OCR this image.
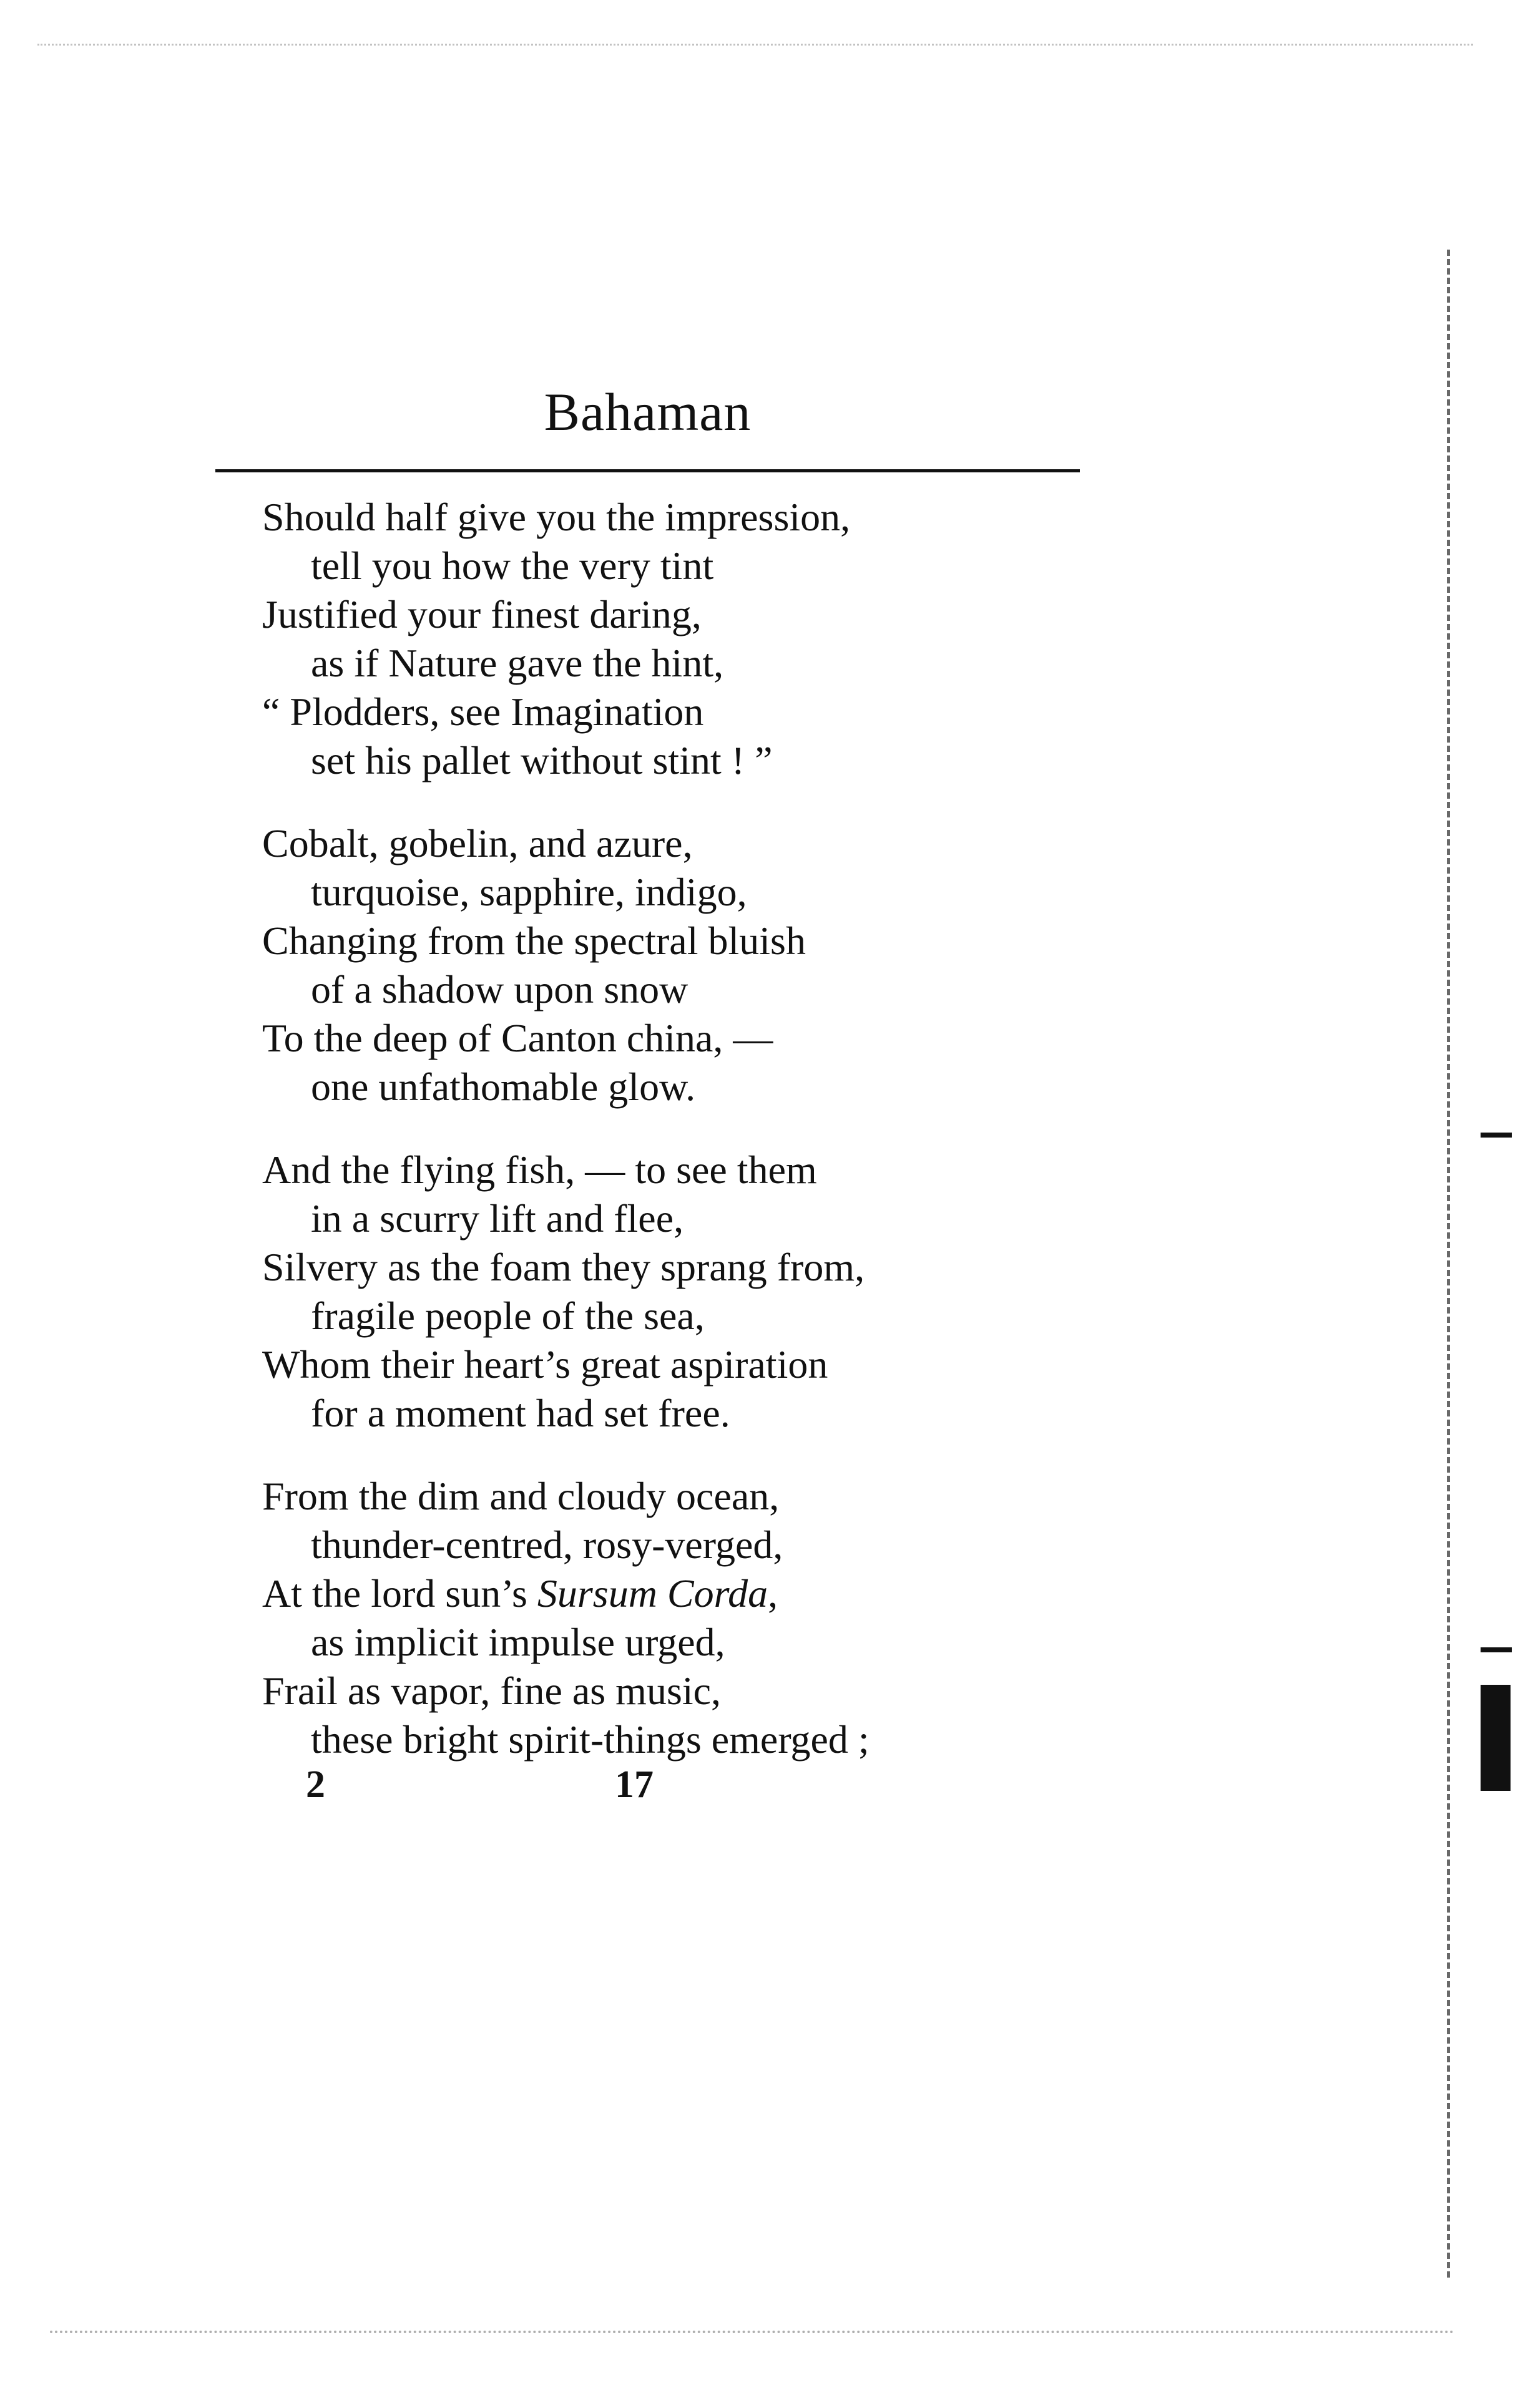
Bahaman
Should half give you the impression,
tell you how the very tint
Justified your finest daring,
as if Nature gave the hint,
“ Plodders, see Imagination
set his pallet without stint ! ”
Cobalt, gobelin, and azure,
turquoise, sapphire, indigo,
Changing from the spectral bluish
of a shadow upon snow
To the deep of Canton china, —
one unfathomable glow.
And the flying fish, — to see them
in a scurry lift and flee,
Silvery as the foam they sprang from,
fragile people of the sea,
Whom their heart’s great aspiration
for a moment had set free.
From the dim and cloudy ocean,
thunder-centred, rosy-verged,
At the lord sun’s Sursum Corda,
as implicit impulse urged,
Frail as vapor, fine as music,
these bright spirit-things emerged ;
2	17
